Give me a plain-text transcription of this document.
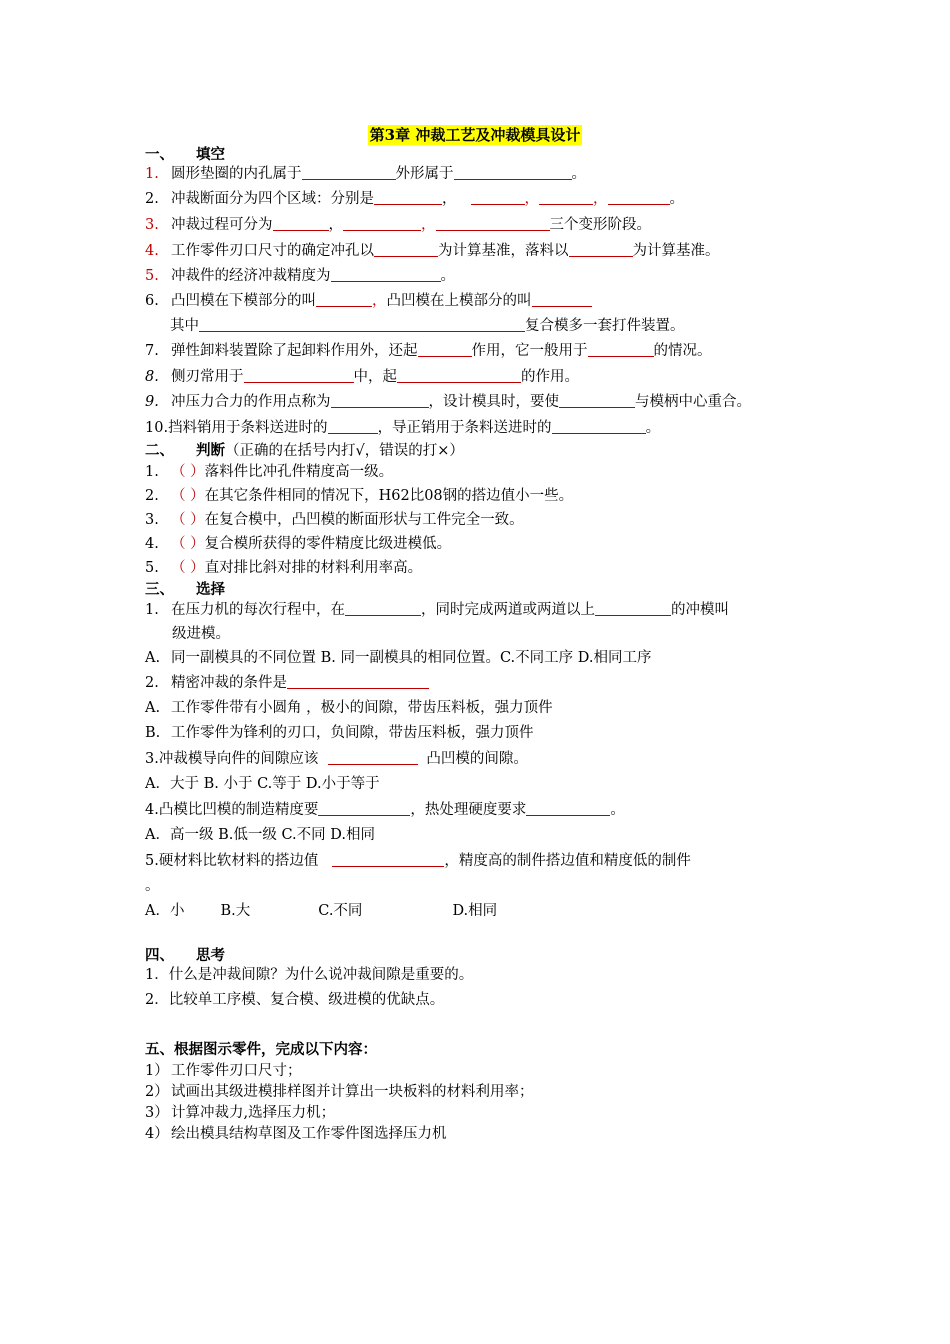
第3章 冲裁工艺及冲裁模具设计
一、 填空
1. 圆形垫圈的内孔属于	外形属于	。
2. 冲裁断面分为四个区域：分别是	，	，	，	。
3. 冲裁过程可分为	，	，	三个变形阶段。
4. 工作零件刃口尺寸的确定冲孔以	为计算基准，落料以	为计算基准。
5. 冲裁件的经济冲裁精度为	。
6. 凸凹模在下模部分的叫	，凸凹模在上模部分的叫
其中	复合模多一套打件装置。
7. 弹性卸料装置除了起卸料作用外，还起	作用，它一般用于	的情况。
8. 侧刃常用于	中，起	的作用。
9. 冲压力合力的作用点称为	，设计模具时，要使	与模柄中心重合。
10.挡料销用于条料送进时的	，导正销用于条料送进时的	。
二、 判断（正确的在括号内打√，错误的打×）
1. （ ）落料件比冲孔件精度高一级。
2. （ ）在其它条件相同的情况下，H62比08钢的搭边值小一些。
3. （ ）在复合模中，凸凹模的断面形状与工件完全一致。
4. （ ）复合模所获得的零件精度比级进模低。
5. （ ）直对排比斜对排的材料利用率高。
三、 选择
1. 在压力机的每次行程中，在	，同时完成两道或两道以上	的冲模叫
级进模。
A. 同一副模具的不同位置 B. 同一副模具的相同位置。C.不同工序 D.相同工序
2. 精密冲裁的条件是
A. 工作零件带有小圆角 ，极小的间隙，带齿压料板，强力顶件
B. 工作零件为锋利的刃口，负间隙，带齿压料板，强力顶件
3.冲裁模导向件的间隙应该	凸凹模的间隙。
A．大于 B. 小于 C.等于 D.小于等于
4.凸模比凹模的制造精度要	，热处理硬度要求	。
A．高一级 B.低一级 C.不同 D.相同
5.硬材料比软材料的搭边值	，精度高的制件搭边值和精度低的制件
。
A．小 B.大	C.不同	D.相同
四、 思考
1．什么是冲裁间隙？为什么说冲裁间隙是重要的。
2．比较单工序模、复合模、级进模的优缺点。
五、根据图示零件，完成以下内容：
1） 工作零件刃口尺寸；
2） 试画出其级进模排样图并计算出一块板料的材料利用率；
3） 计算冲裁力,选择压力机；
4） 绘出模具结构草图及工作零件图选择压力机
